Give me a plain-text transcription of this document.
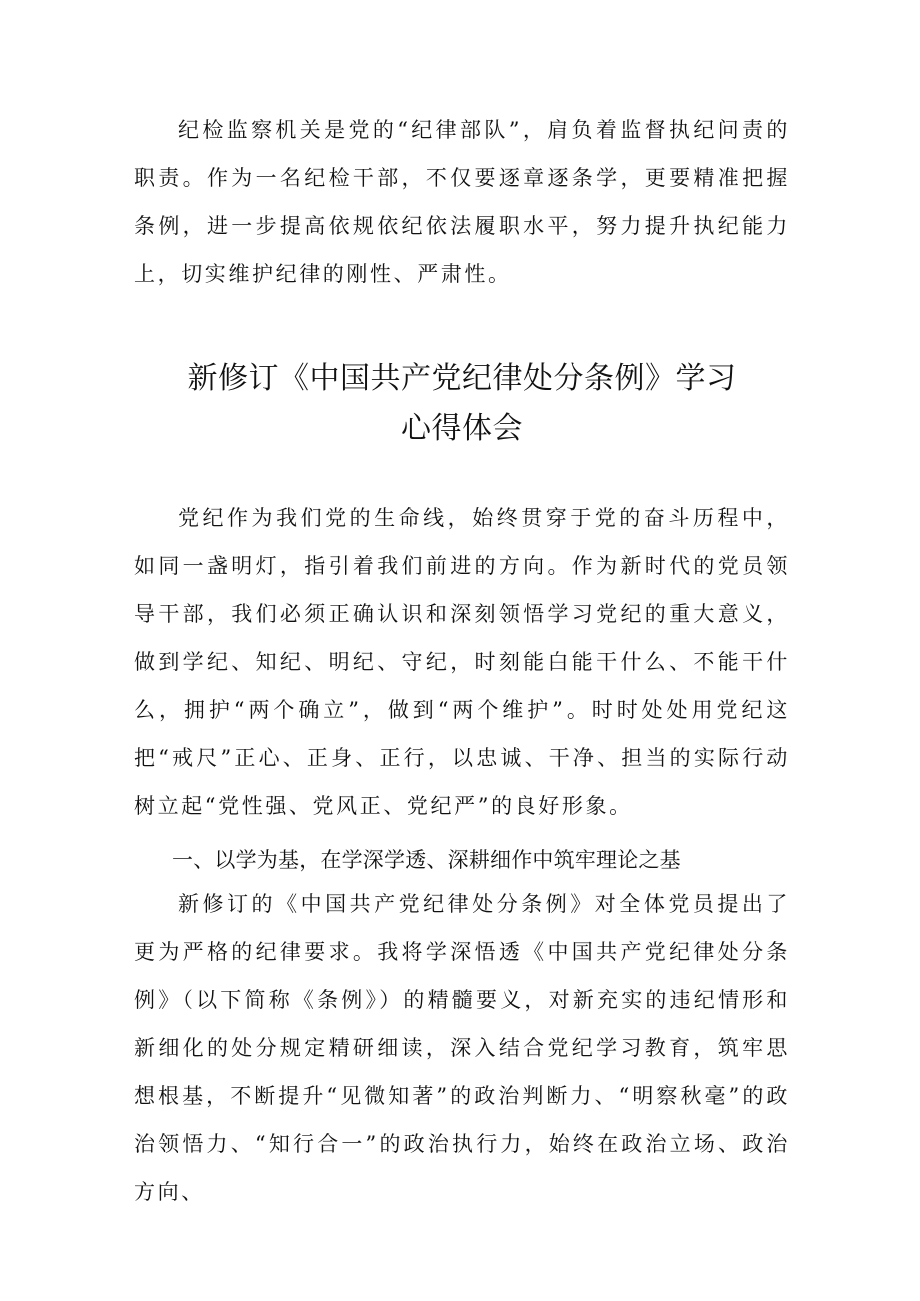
纪检监察机关是党的“纪律部队”，肩负着监督执纪问责的职责。作为一名纪检干部，不仅要逐章逐条学，更要精准把握条例，进一步提高依规依纪依法履职水平，努力提升执纪能力上，切实维护纪律的刚性、严肃性。

新修订《中国共产党纪律处分条例》学习
心得体会

党纪作为我们党的生命线，始终贯穿于党的奋斗历程中，如同一盏明灯，指引着我们前进的方向。作为新时代的党员领导干部，我们必须正确认识和深刻领悟学习党纪的重大意义，做到学纪、知纪、明纪、守纪，时刻能白能干什么、不能干什么，拥护“两个确立”，做到“两个维护”。时时处处用党纪这把“戒尺”正心、正身、正行，以忠诚、干净、担当的实际行动树立起“党性强、党风正、党纪严”的良好形象。

一、以学为基，在学深学透、深耕细作中筑牢理论之基

新修订的《中国共产党纪律处分条例》对全体党员提出了更为严格的纪律要求。我将学深悟透《中国共产党纪律处分条例》（以下简称《条例》）的精髓要义，对新充实的违纪情形和新细化的处分规定精研细读，深入结合党纪学习教育，筑牢思想根基，不断提升“见微知著”的政治判断力、“明察秋毫”的政治领悟力、“知行合一”的政治执行力，始终在政治立场、政治方向、
